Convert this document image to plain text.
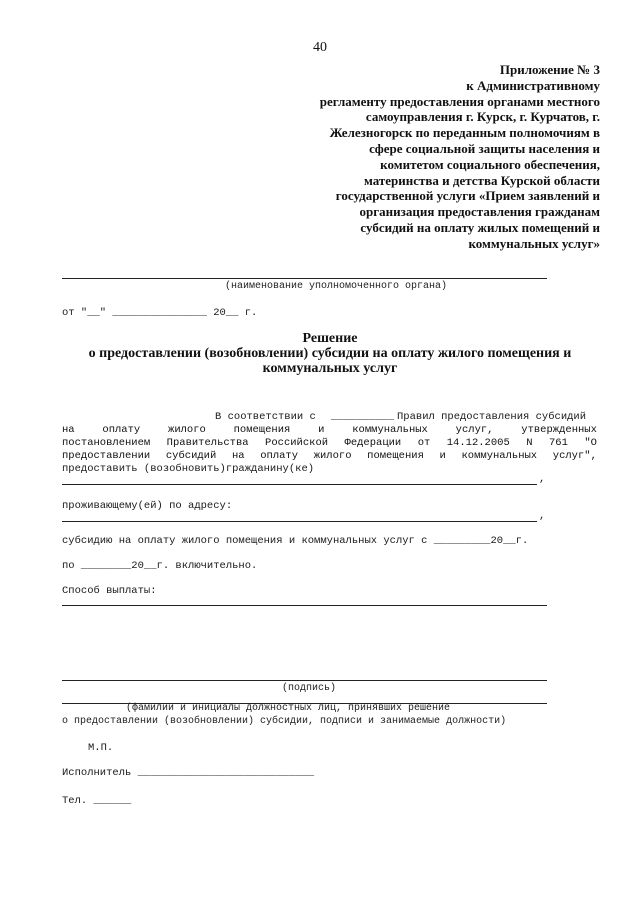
40
Приложение № 3
к Административному
регламенту предоставления органами местного
самоуправления г. Курск, г. Курчатов, г.
Железногорск по переданным полномочиям в
сфере социальной защиты населения и
комитетом социального обеспечения,
материнства и детства Курской области
государственной услуги «Прием заявлений и
организация предоставления гражданам
субсидий на оплату жилых помещений и
коммунальных услуг»
(наименование уполномоченного органа)
от "__" _______________ 20__ г.
Решение
о предоставлении (возобновлении) субсидии на оплату жилого помещения и
коммунальных услуг
В соответствии с __________ Правил предоставления субсидий
на	оплату	жилого	помещения	и	коммунальных	услуг,	утвержденных
постановлением Правительства Российской Федерации от 14.12.2005 N 761 "О
предоставлении субсидий на оплату жилого помещения и коммунальных услуг",
предоставить (возобновить)гражданину(ке)
,
проживающему(ей) по адресу:
,
субсидию на оплату жилого помещения и коммунальных услуг с _________20__г.
по ________20__г. включительно.
Способ выплаты:
(подпись)
(фамилии и инициалы должностных лиц, принявших решение
о предоставлении (возобновлении) субсидии, подписи и занимаемые должности)
М.П.
Исполнитель ____________________________
Тел. ______
